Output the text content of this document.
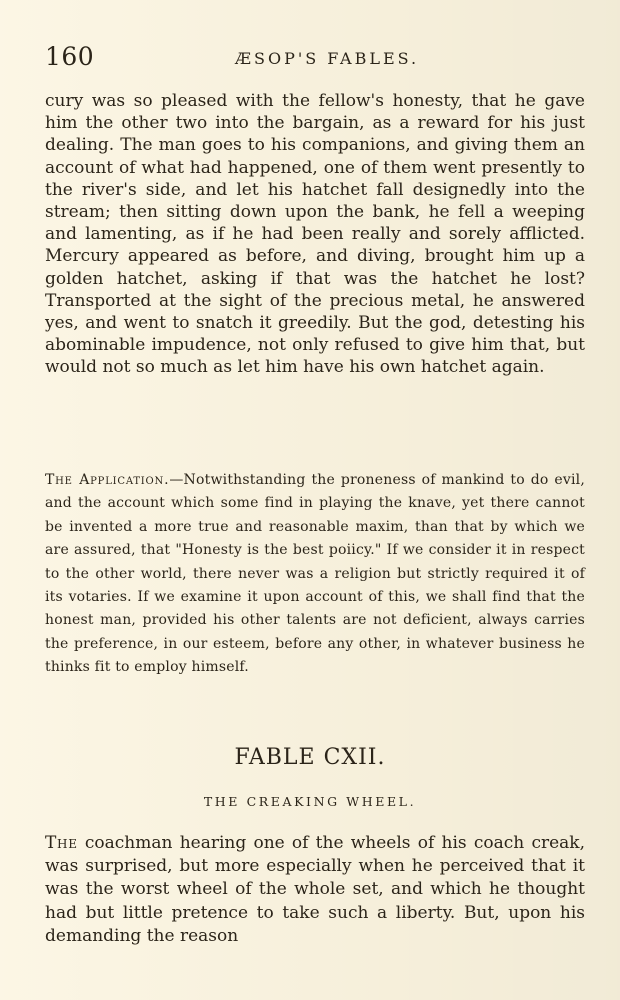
160	ÆSOP'S FABLES.
cury was so pleased with the fellow's honesty, that he gave him the other two into the bargain, as a reward for his just dealing. The man goes to his companions, and giving them an account of what had happened, one of them went presently to the river's side, and let his hatchet fall designedly into the stream; then sitting down upon the bank, he fell a weeping and lamenting, as if he had been really and sorely afflicted. Mercury appeared as before, and diving, brought him up a golden hatchet, asking if that was the hatchet he lost? Transported at the sight of the precious metal, he answered yes, and went to snatch it greedily. But the god, detesting his abominable impudence, not only refused to give him that, but would not so much as let him have his own hatchet again.
The Application.—Notwithstanding the proneness of mankind to do evil, and the account which some find in playing the knave, yet there cannot be invented a more true and reasonable maxim, than that by which we are assured, that "Honesty is the best poiicy." If we consider it in respect to the other world, there never was a religion but strictly required it of its votaries. If we examine it upon account of this, we shall find that the honest man, provided his other talents are not deficient, always carries the preference, in our esteem, before any other, in whatever business he thinks fit to employ himself.
FABLE CXII.
THE CREAKING WHEEL.
The coachman hearing one of the wheels of his coach creak, was surprised, but more especially when he perceived that it was the worst wheel of the whole set, and which he thought had but little pretence to take such a liberty. But, upon his demanding the reason
